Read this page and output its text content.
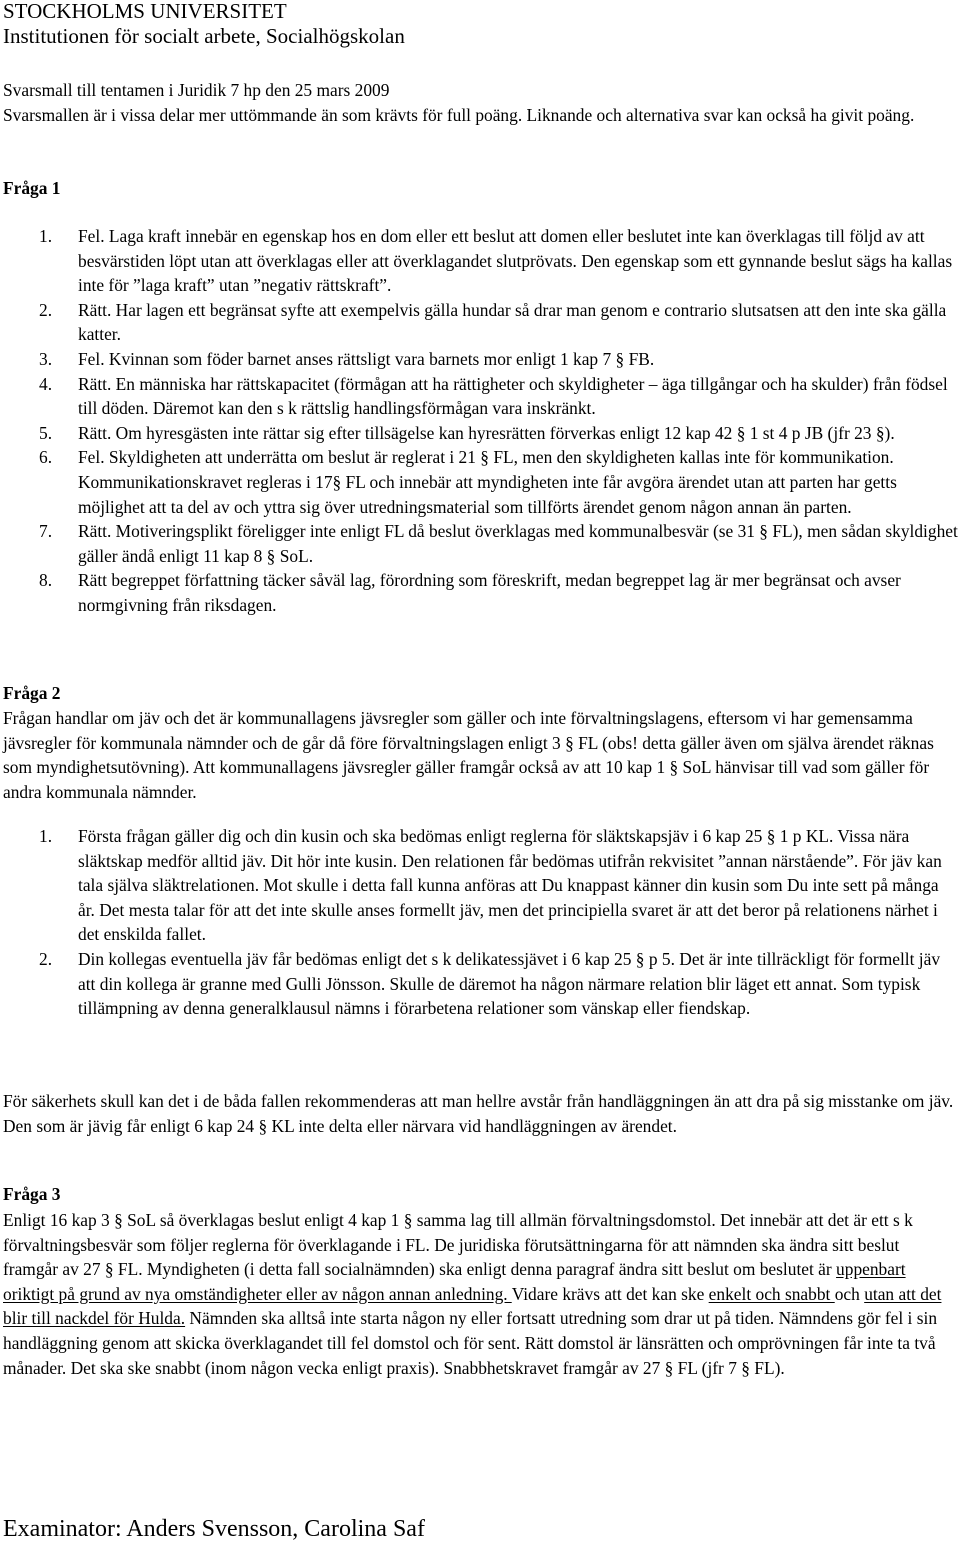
STOCKHOLMS UNIVERSITET
Institutionen för socialt arbete, Socialhögskolan
Svarsmall till tentamen i Juridik 7 hp den 25 mars 2009
Svarsmallen är i vissa delar mer uttömmande än som krävts för full poäng. Liknande och alternativa svar kan också ha givit poäng.
Fråga 1
1. Fel. Laga kraft innebär en egenskap hos en dom eller ett beslut att domen eller beslutet inte kan överklagas till följd av att besvärstiden löpt utan att överklagas eller att överklagandet slutprövats. Den egenskap som ett gynnande beslut sägs ha kallas inte för ”laga kraft” utan ”negativ rättskraft”.
2. Rätt. Har lagen ett begränsat syfte att exempelvis gälla hundar så drar man genom e contrario slutsatsen att den inte ska gälla katter.
3. Fel. Kvinnan som föder barnet anses rättsligt vara barnets mor enligt 1 kap 7 § FB.
4. Rätt. En människa har rättskapacitet (förmågan att ha rättigheter och skyldigheter – äga tillgångar och ha skulder) från födsel till döden. Däremot kan den s k rättslig handlingsförmågan vara inskränkt.
5. Rätt. Om hyresgästen inte rättar sig efter tillsägelse kan hyresrätten förverkas enligt 12 kap 42 § 1 st 4 p JB (jfr 23 §).
6. Fel. Skyldigheten att underrätta om beslut är reglerat i 21 § FL, men den skyldigheten kallas inte för kommunikation. Kommunikationskravet regleras i 17§ FL och innebär att myndigheten inte får avgöra ärendet utan att parten har getts möjlighet att ta del av och yttra sig över utredningsmaterial som tillförts ärendet genom någon annan än parten.
7. Rätt. Motiveringsplikt föreligger inte enligt FL då beslut överklagas med kommunalbesvär (se 31 § FL), men sådan skyldighet gäller ändå enligt 11 kap 8 § SoL.
8. Rätt begreppet författning täcker såväl lag, förordning som föreskrift, medan begreppet lag är mer begränsat och avser normgivning från riksdagen.
Fråga 2
Frågan handlar om jäv och det är kommunallagens jävsregler som gäller och inte förvaltningslagens, eftersom vi har gemensamma jävsregler för kommunala nämnder och de går då före förvaltningslagen enligt 3 § FL (obs! detta gäller även om själva ärendet räknas som myndighetsutövning). Att kommunallagens jävsregler gäller framgår också av att 10 kap 1 § SoL hänvisar till vad som gäller för andra kommunala nämnder.
1. Första frågan gäller dig och din kusin och ska bedömas enligt reglerna för släktskapsjäv i 6 kap 25 § 1 p KL. Vissa nära släktskap medför alltid jäv. Dit hör inte kusin. Den relationen får bedömas utifrån rekvisitet ”annan närstående”. För jäv kan tala själva släktrelationen. Mot skulle i detta fall kunna anföras att Du knappast känner din kusin som Du inte sett på många år. Det mesta talar för att det inte skulle anses formellt jäv, men det principiella svaret är att det beror på relationens närhet i det enskilda fallet.
2. Din kollegas eventuella jäv får bedömas enligt det s k delikatessjävet i 6 kap 25 § p 5. Det är inte tillräckligt för formellt jäv att din kollega är granne med Gulli Jönsson. Skulle de däremot ha någon närmare relation blir läget ett annat. Som typisk tillämpning av denna generalklausul nämns i förarbetena relationer som vänskap eller fiendskap.
För säkerhets skull kan det i de båda fallen rekommenderas att man hellre avstår från handläggningen än att dra på sig misstanke om jäv. Den som är jävig får enligt 6 kap 24 § KL inte delta eller närvara vid handläggningen av ärendet.
Fråga 3
Enligt 16 kap 3 § SoL så överklagas beslut enligt 4 kap 1 § samma lag till allmän förvaltningsdomstol. Det innebär att det är ett s k förvaltningsbesvär som följer reglerna för överklagande i FL. De juridiska förutsättningarna för att nämnden ska ändra sitt beslut framgår av 27 § FL. Myndigheten (i detta fall socialnämnden) ska enligt denna paragraf ändra sitt beslut om beslutet är uppenbart oriktigt på grund av nya omständigheter eller av någon annan anledning. Vidare krävs att det kan ske enkelt och snabbt och utan att det blir till nackdel för Hulda. Nämnden ska alltså inte starta någon ny eller fortsatt utredning som drar ut på tiden. Nämndens gör fel i sin handläggning genom att skicka överklagandet till fel domstol och för sent. Rätt domstol är länsrätten och omprövningen får inte ta två månader. Det ska ske snabbt (inom någon vecka enligt praxis). Snabbhetskravet framgår av 27 § FL (jfr 7 § FL).
Examinator: Anders Svensson, Carolina Saf
